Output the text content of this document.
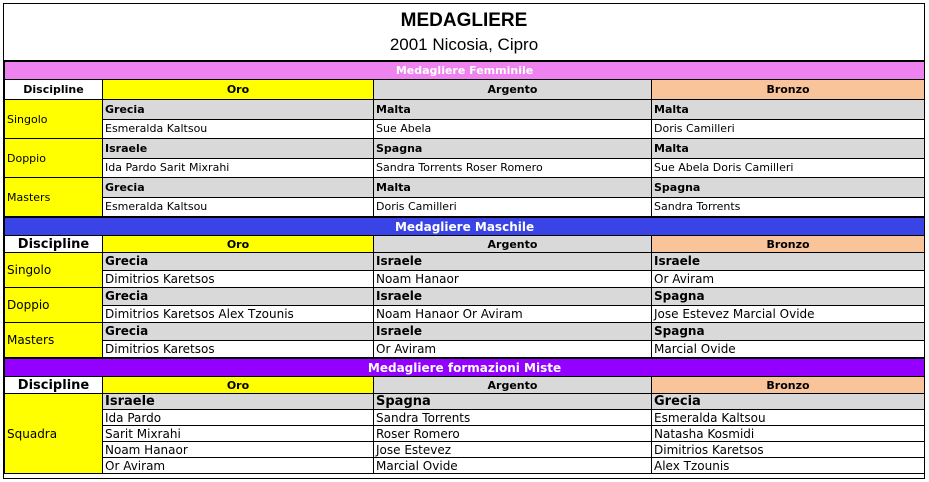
MEDAGLIERE
2001 Nicosia, Cipro
Medagliere Femminile			
Discipline	Oro	Argento	Bronzo
Singolo	Grecia	Malta	Malta
	Esmeralda Kaltsou	Sue Abela	Doris Camilleri
Doppio	Israele	Spagna	Malta
	Ida Pardo Sarit Mixrahi	Sandra Torrents Roser Romero	Sue Abela Doris Camilleri
Masters	Grecia	Malta	Spagna
	Esmeralda Kaltsou	Doris Camilleri	Sandra Torrents
Medagliere Maschile			
Discipline	Oro	Argento	Bronzo
Singolo	Grecia	Israele	Israele
	Dimitrios Karetsos	Noam Hanaor	Or Aviram
Doppio	Grecia	Israele	Spagna
	Dimitrios Karetsos Alex Tzounis	Noam Hanaor Or Aviram	Jose Estevez Marcial Ovide
Masters	Grecia	Israele	Spagna
	Dimitrios Karetsos	Or Aviram	Marcial Ovide
Medagliere formazioni Miste			
Discipline	Oro	Argento	Bronzo
Squadra	Israele	Spagna	Grecia
	Ida Pardo	Sandra Torrents	Esmeralda Kaltsou
	Sarit Mixrahi	Roser Romero	Natasha Kosmidi
	Noam Hanaor	Jose Estevez	Dimitrios Karetsos
	Or Aviram	Marcial Ovide	Alex Tzounis
